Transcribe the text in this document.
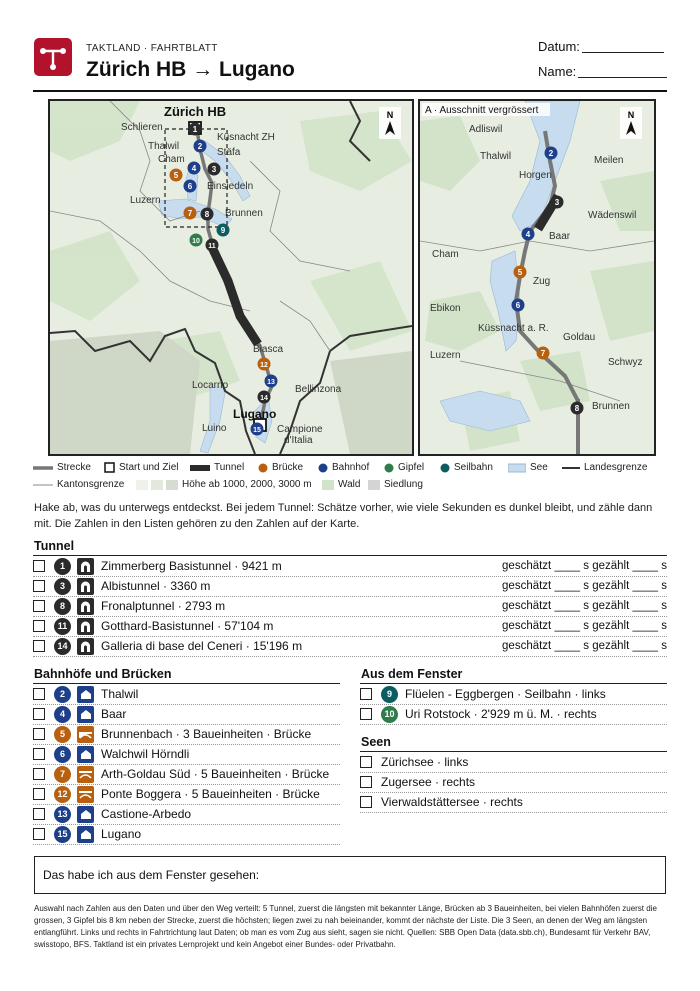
TAKTLAND · FAHRTBLATT
Zürich HB → Lugano
Datum:
Name:
1
2
3
4
5
6
7 8
9
10
11
12
13
14
15
N
Zürich HB
Schlieren
Küsnacht ZH
Stäfa
Thalwil
Cham
Einsiedeln
Luzern
Brunnen
Biasca
Locarno	Bellinzona
Lugano
Luino	Campione
d'Italia
2
3
4
5
6
7
8
N
A · Ausschnitt vergrössert
Adliswil
Thalwil	Meilen
Horgen
Wädenswil
Baar
Cham
Zug
Ebikon
Küssnacht a. R.
Goldau
Luzern
Schwyz
Brunnen
Strecke	Start und Ziel	Tunnel	Brücke	Bahnhof	Gipfel	Seilbahn	See	Landesgrenze
Kantonsgrenze	Höhe ab 1000, 2000, 3000 m	Wald Siedlung
Hake ab, was du unterwegs entdeckst. Bei jedem Tunnel: Schätze vorher, wie viele Sekunden es dunkel bleibt, und zähle dann mit. Die Zahlen in den Listen gehören zu den Zahlen auf der Karte.
Tunnel
1	Zimmerberg Basistunnel · 9421 m	geschätzt ____ s gezählt ____ s
3	Albistunnel · 3360 m	geschätzt ____ s gezählt ____ s
8	Fronalptunnel · 2793 m	geschätzt ____ s gezählt ____ s
11	Gotthard-Basistunnel · 57'104 m	geschätzt ____ s gezählt ____ s
14	Galleria di base del Ceneri · 15'196 m	geschätzt ____ s gezählt ____ s
Bahnhöfe und Brücken
2	Thalwil
4	Baar
5	Brunnenbach · 3 Baueinheiten · Brücke
6	Walchwil Hörndli
7	Arth-Goldau Süd · 5 Baueinheiten · Brücke
12	Ponte Boggera · 5 Baueinheiten · Brücke
13	Castione-Arbedo
15	Lugano
Aus dem Fenster
9	Flüelen - Eggbergen · Seilbahn · links
10 Uri Rotstock · 2'929 m ü. M. · rechts
Seen
Zürichsee · links
Zugersee · rechts
Vierwaldstättersee · rechts
Das habe ich aus dem Fenster gesehen:
Auswahl nach Zahlen aus den Daten und über den Weg verteilt: 5 Tunnel, zuerst die längsten mit bekannter Länge, Brücken ab 3 Baueinheiten, bei vielen Bahnhöfen zuerst die grossen, 3 Gipfel bis 8 km neben der Strecke, zuerst die höchsten; liegen zwei zu nah beieinander, kommt der nächste der Liste. Die 3 Seen, an denen der Weg am längsten entlangführt. Links und rechts in Fahrtrichtung laut Daten; ob man es vom Zug aus sieht, sagen sie nicht. Quellen: SBB Open Data (data.sbb.ch), Bundesamt für Verkehr BAV, swisstopo, BFS. Taktland ist ein privates Lernprojekt und kein Angebot einer Bundes- oder Privatbahn.
